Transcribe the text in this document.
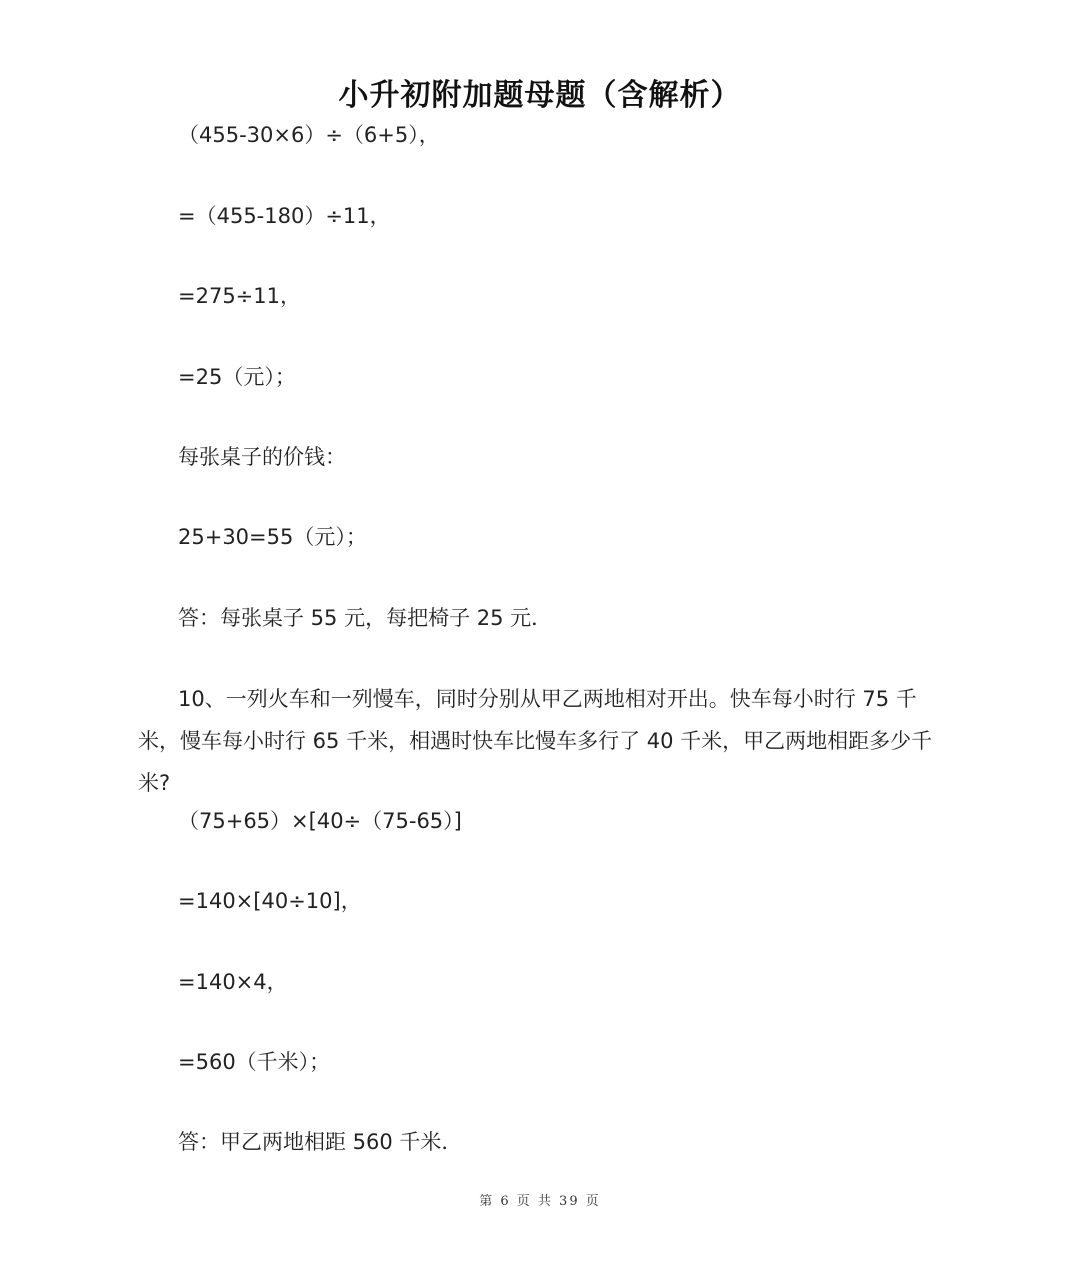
小升初附加题母题（含解析）
（455-30×6）÷（6+5），
=（455-180）÷11，
=275÷11，
=25（元）；
每张桌子的价钱：
25+30=55（元）；
答：每张桌子 55 元，每把椅子 25 元．
10、一列火车和一列慢车，同时分别从甲乙两地相对开出。快车每小时行 75 千米，慢车每小时行 65 千米，相遇时快车比慢车多行了 40 千米，甲乙两地相距多少千米?
（75+65）×[40÷（75-65）]
=140×[40÷10]，
=140×4，
=560（千米）；
答：甲乙两地相距 560 千米．
第 6 页 共 39 页
